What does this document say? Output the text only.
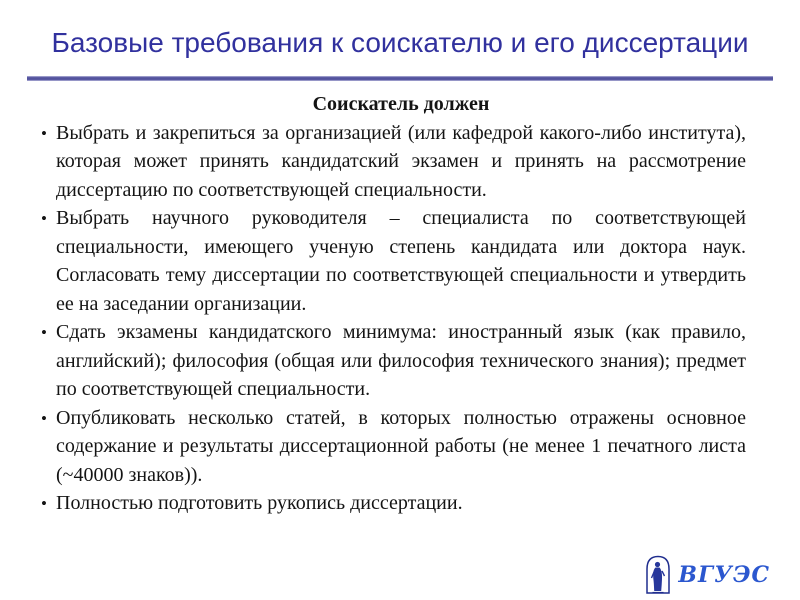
Базовые требования к соискателю и его диссертации

Соискатель должен

• Выбрать и закрепиться за организацией (или кафедрой какого-либо института), которая может принять кандидатский экзамен и принять на рассмотрение диссертацию по соответствующей специальности.
• Выбрать научного руководителя – специалиста по соответствующей специальности, имеющего ученую степень кандидата или доктора наук. Согласовать тему диссертации по соответствующей специальности и утвердить ее на заседании организации.
• Сдать экзамены кандидатского минимума: иностранный язык (как правило, английский); философия (общая или философия технического знания); предмет по соответствующей специальности.
• Опубликовать несколько статей, в которых полностью отражены основное содержание и результаты диссертационной работы (не менее 1 печатного листа (~40000 знаков)).
• Полностью подготовить рукопись диссертации.
ВГУЭС
